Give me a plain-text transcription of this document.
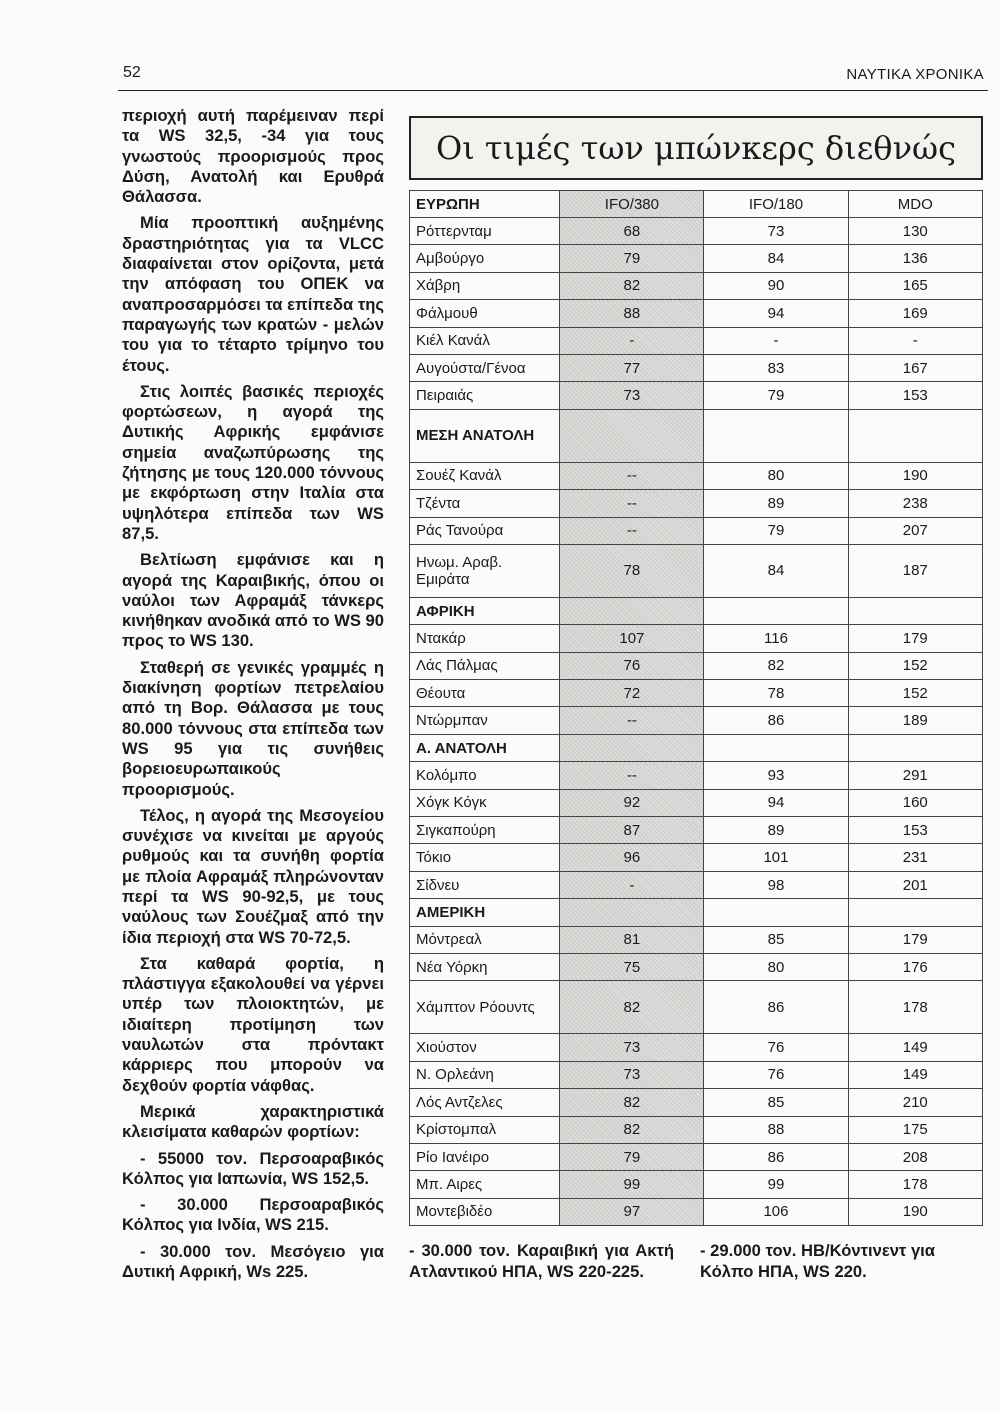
52	ΝΑΥΤΙΚΑ ΧΡΟΝΙΚΑ

περιοχή αυτή παρέμειναν περί τα WS 32,5, -34 για τους γνωστούς προορισμούς προς Δύση, Ανατολή και Ερυθρά Θάλασσα.

Μία προοπτική αυξημένης δραστηριότητας για τα VLCC διαφαίνεται στον ορίζοντα, μετά την απόφαση του ΟΠΕΚ να αναπροσαρμόσει τα επίπεδα της παραγωγής των κρατών - μελών του για το τέταρτο τρίμηνο του έτους.

Στις λοιπές βασικές περιοχές φορτώσεων, η αγορά της Δυτικής Αφρικής εμφάνισε σημεία αναζωπύρωσης της ζήτησης με τους 120.000 τόννους με εκφόρτωση στην Ιταλία στα υψηλότερα επίπεδα των WS 87,5.

Βελτίωση εμφάνισε και η αγορά της Καραιβικής, όπου οι ναύλοι των Αφραμάξ τάνκερς κινήθηκαν ανοδικά από το WS 90 προς το WS 130.

Σταθερή σε γενικές γραμμές η διακίνηση φορτίων πετρελαίου από τη Βορ. Θάλασσα με τους 80.000 τόννους στα επίπεδα των WS 95 για τις συνήθεις βορειοευρωπαικούς προορισμούς.

Τέλος, η αγορά της Μεσογείου συνέχισε να κινείται με αργούς ρυθμούς και τα συνήθη φορτία με πλοία Αφραμάξ πληρώνονταν περί τα WS 90-92,5, με τους ναύλους των Σουέζμαξ από την ίδια περιοχή στα WS 70-72,5.

Στα καθαρά φορτία, η πλάστιγγα εξακολουθεί να γέρνει υπέρ των πλοιοκτητών, με ιδιαίτερη προτίμηση των ναυλωτών στα πρόντακτ κάρριερς που μπορούν να δεχθούν φορτία νάφθας.

Μερικά χαρακτηριστικά κλεισίματα καθαρών φορτίων:

- 55000 τον. Περσοαραβικός Κόλπος για Ιαπωνία, WS 152,5.

- 30.000 Περσοαραβικός Κόλπος για Ινδία, WS 215.

- 30.000 τον. Μεσόγειο για Δυτική Αφρική, Ws 225.

Οι τιμές των μπώνκερς διεθνώς
ΕΥΡΩΠΗ	IFO/380	IFO/180	MDO
Ρόττερνταμ	68	73	130
Αμβούργο	79	84	136
Χάβρη	82	90	165
Φάλμουθ	88	94	169
Κιέλ Κανάλ	-	-	-
Αυγούστα/Γένοα	77	83	167
Πειραιάς	73	79	153
ΜΕΣΗ ΑΝΑΤΟΛΗ			
Σουέζ Κανάλ	--	80	190
Τζέντα	--	89	238
Ράς Τανούρα	--	79	207
Ηνωμ. Αραβ. Εμιράτα	78	84	187
ΑΦΡΙΚΗ			
Ντακάρ	107	116	179
Λάς Πάλμας	76	82	152
Θέουτα	72	78	152
Ντώρμπαν	--	86	189
Α. ΑΝΑΤΟΛΗ			
Κολόμπο	--	93	291
Χόγκ Κόγκ	92	94	160
Σιγκαπούρη	87	89	153
Τόκιο	96	101	231
Σίδνευ	-	98	201
ΑΜΕΡΙΚΗ			
Μόντρεαλ	81	85	179
Νέα Υόρκη	75	80	176
Χάμπτον Ρόουντς	82	86	178
Χιούστον	73	76	149
Ν. Ορλεάνη	73	76	149
Λός Αντζελες	82	85	210
Κρίστομπαλ	82	88	175
Ρίο Ιανέιρο	79	86	208
Μπ. Αιρες	99	99	178
Μοντεβιδέο	97	106	190
- 30.000 τον. Καραιβική για Ακτή Ατλαντικού ΗΠΑ, WS 220-225.
- 29.000 τον. ΗΒ/Κόντινεντ για Κόλπο ΗΠΑ, WS 220.
